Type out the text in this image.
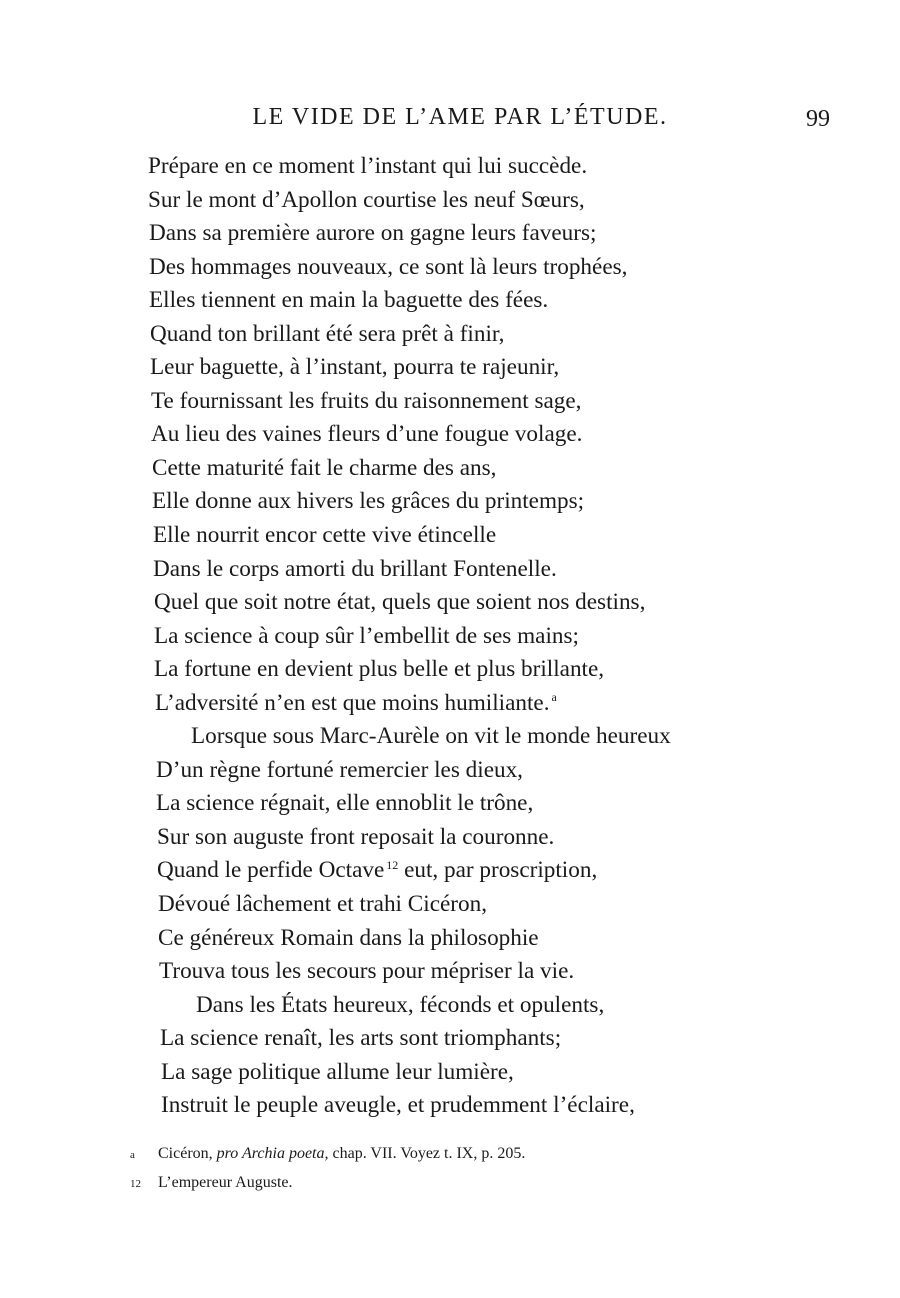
LE VIDE DE L’AME PAR L’ÉTUDE.	99
Prépare en ce moment l’instant qui lui succède.
Sur le mont d’Apollon courtise les neuf Sœurs,
Dans sa première aurore on gagne leurs faveurs;
Des hommages nouveaux, ce sont là leurs trophées,
Elles tiennent en main la baguette des fées.
Quand ton brillant été sera prêt à finir,
Leur baguette, à l’instant, pourra te rajeunir,
Te fournissant les fruits du raisonnement sage,
Au lieu des vaines fleurs d’une fougue volage.
Cette maturité fait le charme des ans,
Elle donne aux hivers les grâces du printemps;
Elle nourrit encor cette vive étincelle
Dans le corps amorti du brillant Fontenelle.
Quel que soit notre état, quels que soient nos destins,
La science à coup sûr l’embellit de ses mains;
La fortune en devient plus belle et plus brillante,
L’adversité n’en est que moins humiliante. $^a$
Lorsque sous Marc-Aurèle on vit le monde heureux
D’un règne fortuné remercier les dieux,
La science régnait, elle ennoblit le trône,
Sur son auguste front reposait la couronne.
Quand le perfide Octave $^{12}$ eut, par proscription,
Dévoué lâchement et trahi Cicéron,
Ce généreux Romain dans la philosophie
Trouva tous les secours pour mépriser la vie.
Dans les États heureux, féconds et opulents,
La science renaît, les arts sont triomphants;
La sage politique allume leur lumière,
Instruit le peuple aveugle, et prudemment l’éclaire,
a Cicéron, pro Archia poeta, chap. VII. Voyez t. IX, p. 205.
12 L’empereur Auguste.
